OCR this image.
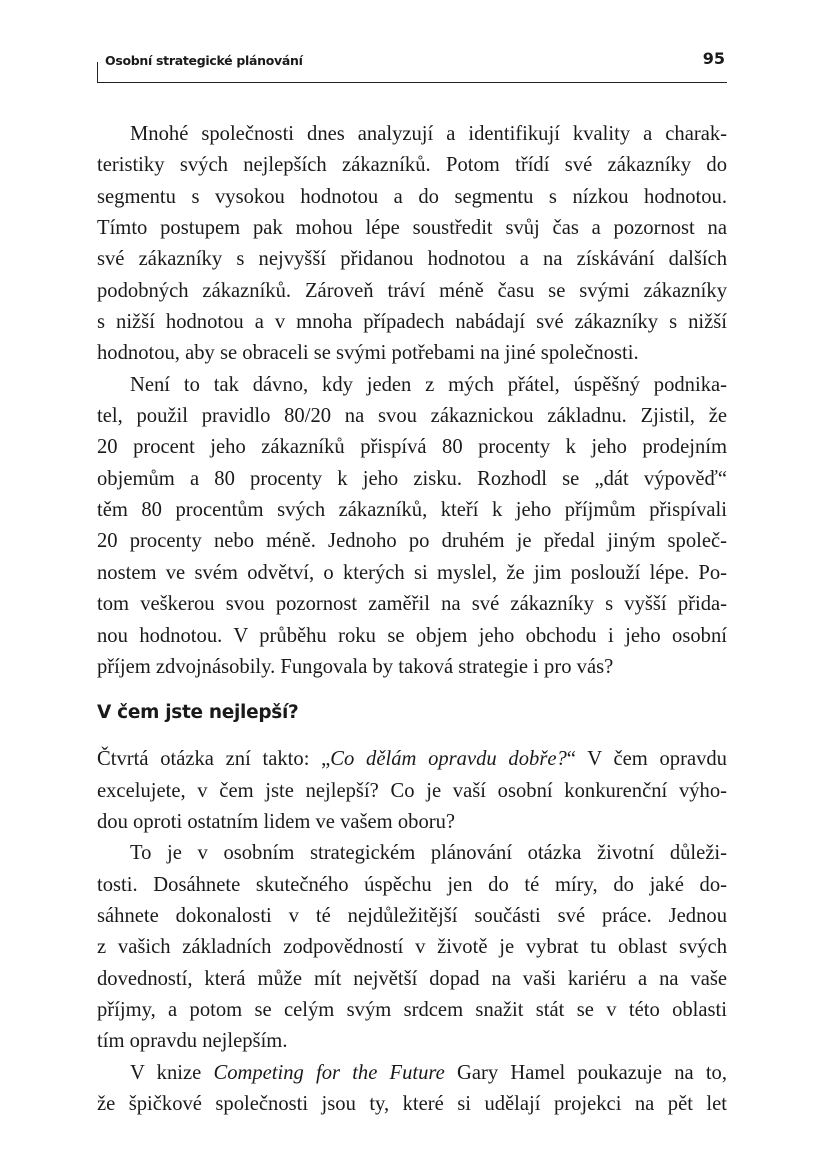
Osobní strategické plánování	95
Mnohé společnosti dnes analyzují a identifikují kvality a charak-
teristiky svých nejlepších zákazníků. Potom třídí své zákazníky do
segmentu s vysokou hodnotou a do segmentu s nízkou hodnotou.
Tímto postupem pak mohou lépe soustředit svůj čas a pozornost na
své zákazníky s nejvyšší přidanou hodnotou a na získávání dalších
podobných zákazníků. Zároveň tráví méně času se svými zákazníky
s nižší hodnotou a v mnoha případech nabádají své zákazníky s nižší
hodnotou, aby se obraceli se svými potřebami na jiné společnosti.
Není to tak dávno, kdy jeden z mých přátel, úspěšný podnika-
tel, použil pravidlo 80/20 na svou zákaznickou základnu. Zjistil, že
20 procent jeho zákazníků přispívá 80 procenty k jeho prodejním
objemům a 80 procenty k jeho zisku. Rozhodl se „dát výpověď“
těm 80 procentům svých zákazníků, kteří k jeho příjmům přispívali
20 procenty nebo méně. Jednoho po druhém je předal jiným společ-
nostem ve svém odvětví, o kterých si myslel, že jim poslouží lépe. Po-
tom veškerou svou pozornost zaměřil na své zákazníky s vyšší přida-
nou hodnotou. V průběhu roku se objem jeho obchodu i jeho osobní
příjem zdvojnásobily. Fungovala by taková strategie i pro vás?
V čem jste nejlepší?
Čtvrtá otázka zní takto: „Co dělám opravdu dobře?“ V čem opravdu
excelujete, v čem jste nejlepší? Co je vaší osobní konkurenční výho-
dou oproti ostatním lidem ve vašem oboru?
To je v osobním strategickém plánování otázka životní důleži-
tosti. Dosáhnete skutečného úspěchu jen do té míry, do jaké do-
sáhnete dokonalosti v té nejdůležitější součásti své práce. Jednou
z vašich základních zodpovědností v životě je vybrat tu oblast svých
dovedností, která může mít největší dopad na vaši kariéru a na vaše
příjmy, a potom se celým svým srdcem snažit stát se v této oblasti
tím opravdu nejlepším.
V knize Competing for the Future Gary Hamel poukazuje na to,
že špičkové společnosti jsou ty, které si udělají projekci na pět let
